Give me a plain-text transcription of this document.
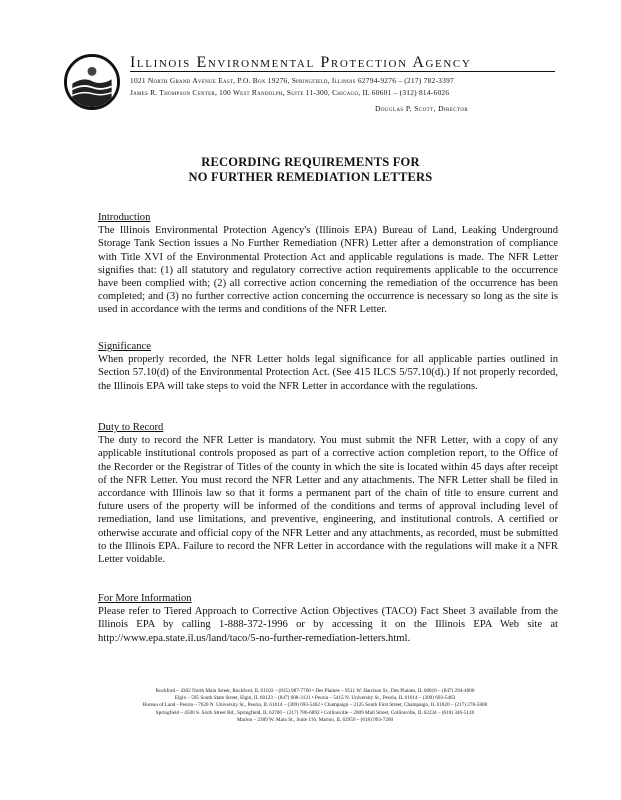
Illinois Environmental Protection Agency
1021 North Grand Avenue East, P.O. Box 19276, Springfield, Illinois 62794-9276 – (217) 782-3397
James R. Thompson Center, 100 West Randolph, Suite 11-300, Chicago, IL 60601 – (312) 814-6026
Douglas P. Scott, Director
RECORDING REQUIREMENTS FOR
NO FURTHER REMEDIATION LETTERS
Introduction
The Illinois Environmental Protection Agency's (Illinois EPA) Bureau of Land, Leaking Underground Storage Tank Section issues a No Further Remediation (NFR) Letter after a demonstration of compliance with Title XVI of the Environmental Protection Act and applicable regulations is made. The NFR Letter signifies that: (1) all statutory and regulatory corrective action requirements applicable to the occurrence have been complied with; (2) all corrective action concerning the remediation of the occurrence has been completed; and (3) no further corrective action concerning the occurrence is necessary so long as the site is used in accordance with the terms and conditions of the NFR Letter.
Significance
When properly recorded, the NFR Letter holds legal significance for all applicable parties outlined in Section 57.10(d) of the Environmental Protection Act. (See 415 ILCS 5/57.10(d).) If not properly recorded, the Illinois EPA will take steps to void the NFR Letter in accordance with the regulations.
Duty to Record
The duty to record the NFR Letter is mandatory. You must submit the NFR Letter, with a copy of any applicable institutional controls proposed as part of a corrective action completion report, to the Office of the Recorder or the Registrar of Titles of the county in which the site is located within 45 days after receipt of the NFR Letter. You must record the NFR Letter and any attachments. The NFR Letter shall be filed in accordance with Illinois law so that it forms a permanent part of the chain of title to ensure current and future users of the property will be informed of the conditions and terms of approval including level of remediation, land use limitations, and preventive, engineering, and institutional controls. A certified or otherwise accurate and official copy of the NFR Letter and any attachments, as recorded, must be submitted to the Illinois EPA. Failure to record the NFR Letter in accordance with the regulations will make it a NFR Letter voidable.
For More Information
Please refer to Tiered Approach to Corrective Action Objectives (TACO) Fact Sheet 3 available from the Illinois EPA by calling 1-888-372-1996 or by accessing it on the Illinois EPA Web site at http://www.epa.state.il.us/land/taco/5-no-further-remediation-letters.html.
Rockford – 4302 North Main Street, Rockford, IL 61103 – (815) 987-7760 • Des Plaines – 9511 W. Harrison St., Des Plaines, IL 60016 – (847) 294-4000
Elgin – 595 South State Street, Elgin, IL 60123 – (847) 608-3131 • Peoria – 5415 N. University St., Peoria, IL 61614 – (309) 693-5463
Bureau of Land - Peoria – 7620 N. University St., Peoria, IL 61614 – (309) 693-5462 • Champaign – 2125 South First Street, Champaign, IL 61820 – (217) 278-5800
Springfield – 4500 S. Sixth Street Rd., Springfield, IL 62706 – (217) 786-6892 • Collinsville – 2009 Mall Street, Collinsville, IL 62234 – (618) 346-5120
Marion – 2309 W. Main St., Suite 116, Marion, IL 62959 – (618) 993-7200
